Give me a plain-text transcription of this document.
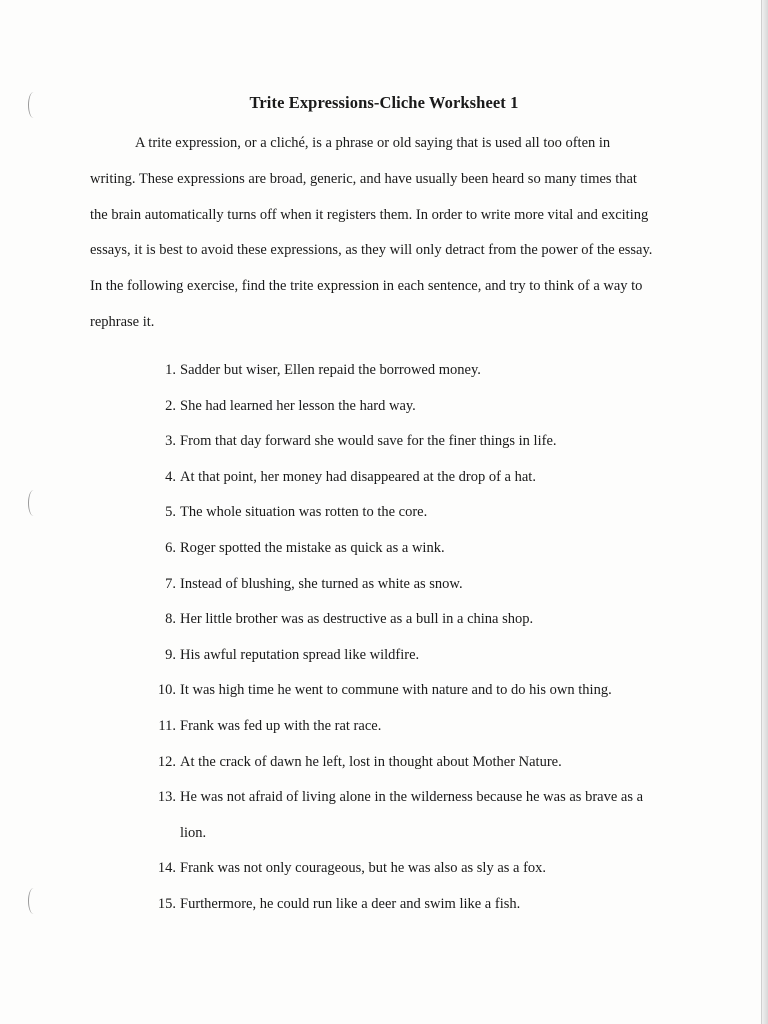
Trite Expressions-Cliche Worksheet 1
A trite expression, or a cliché, is a phrase or old saying that is used all too often in
writing. These expressions are broad, generic, and have usually been heard so many times that
the brain automatically turns off when it registers them. In order to write more vital and exciting
essays, it is best to avoid these expressions, as they will only detract from the power of the essay.
In the following exercise, find the trite expression in each sentence, and try to think of a way to
rephrase it.
1. Sadder but wiser, Ellen repaid the borrowed money.
2. She had learned her lesson the hard way.
3. From that day forward she would save for the finer things in life.
4. At that point, her money had disappeared at the drop of a hat.
5. The whole situation was rotten to the core.
6. Roger spotted the mistake as quick as a wink.
7. Instead of blushing, she turned as white as snow.
8. Her little brother was as destructive as a bull in a china shop.
9. His awful reputation spread like wildfire.
10. It was high time he went to commune with nature and to do his own thing.
11. Frank was fed up with the rat race.
12. At the crack of dawn he left, lost in thought about Mother Nature.
13. He was not afraid of living alone in the wilderness because he was as brave as a
lion.
14. Frank was not only courageous, but he was also as sly as a fox.
15. Furthermore, he could run like a deer and swim like a fish.
